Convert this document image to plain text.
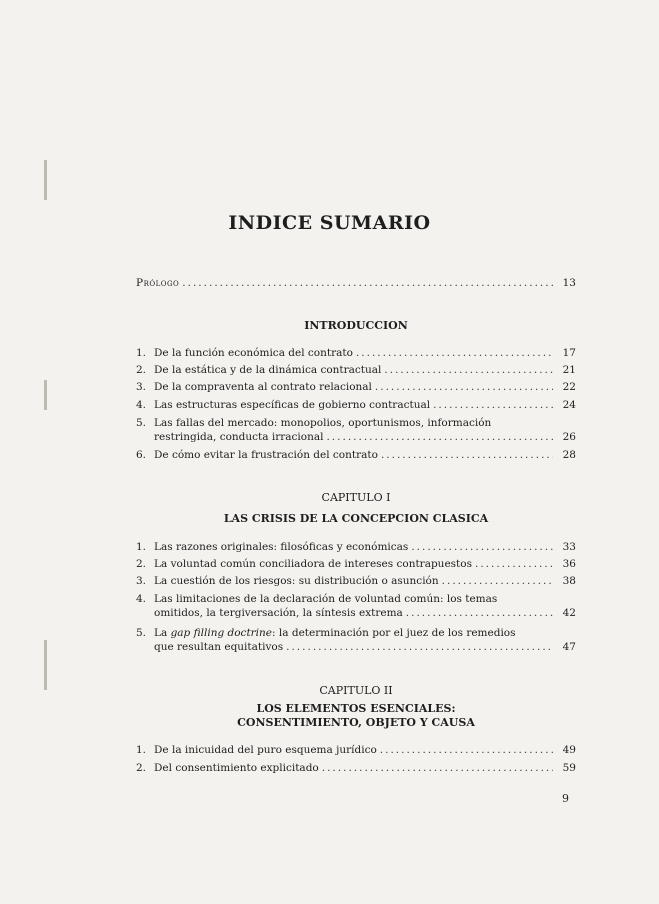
INDICE SUMARIO
Prólogo .....	13
INTRODUCCION
1. De la función económica del contrato .....	17
2. De la estática y de la dinámica contractual .....	21
3. De la compraventa al contrato relacional .....	22
4. Las estructuras específicas de gobierno contractual .....	24
5. Las fallas del mercado: monopolios, oportunismos, información
restringida, conducta irracional .....	26
6. De cómo evitar la frustración del contrato .....	28
CAPITULO I
LAS CRISIS DE LA CONCEPCION CLASICA
1. Las razones originales: filosóficas y económicas .....	33
2. La voluntad común conciliadora de intereses contrapuestos .....	36
3. La cuestión de los riesgos: su distribución o asunción .....	38
4. Las limitaciones de la declaración de voluntad común: los temas
omitidos, la tergiversación, la síntesis extrema .....	42
5. La gap filling doctrine: la determinación por el juez de los remedios
que resultan equitativos .....	47
CAPITULO II
LOS ELEMENTOS ESENCIALES:
CONSENTIMIENTO, OBJETO Y CAUSA
1. De la inicuidad del puro esquema jurídico .....	49
2. Del consentimiento explicitado .....	59
9
